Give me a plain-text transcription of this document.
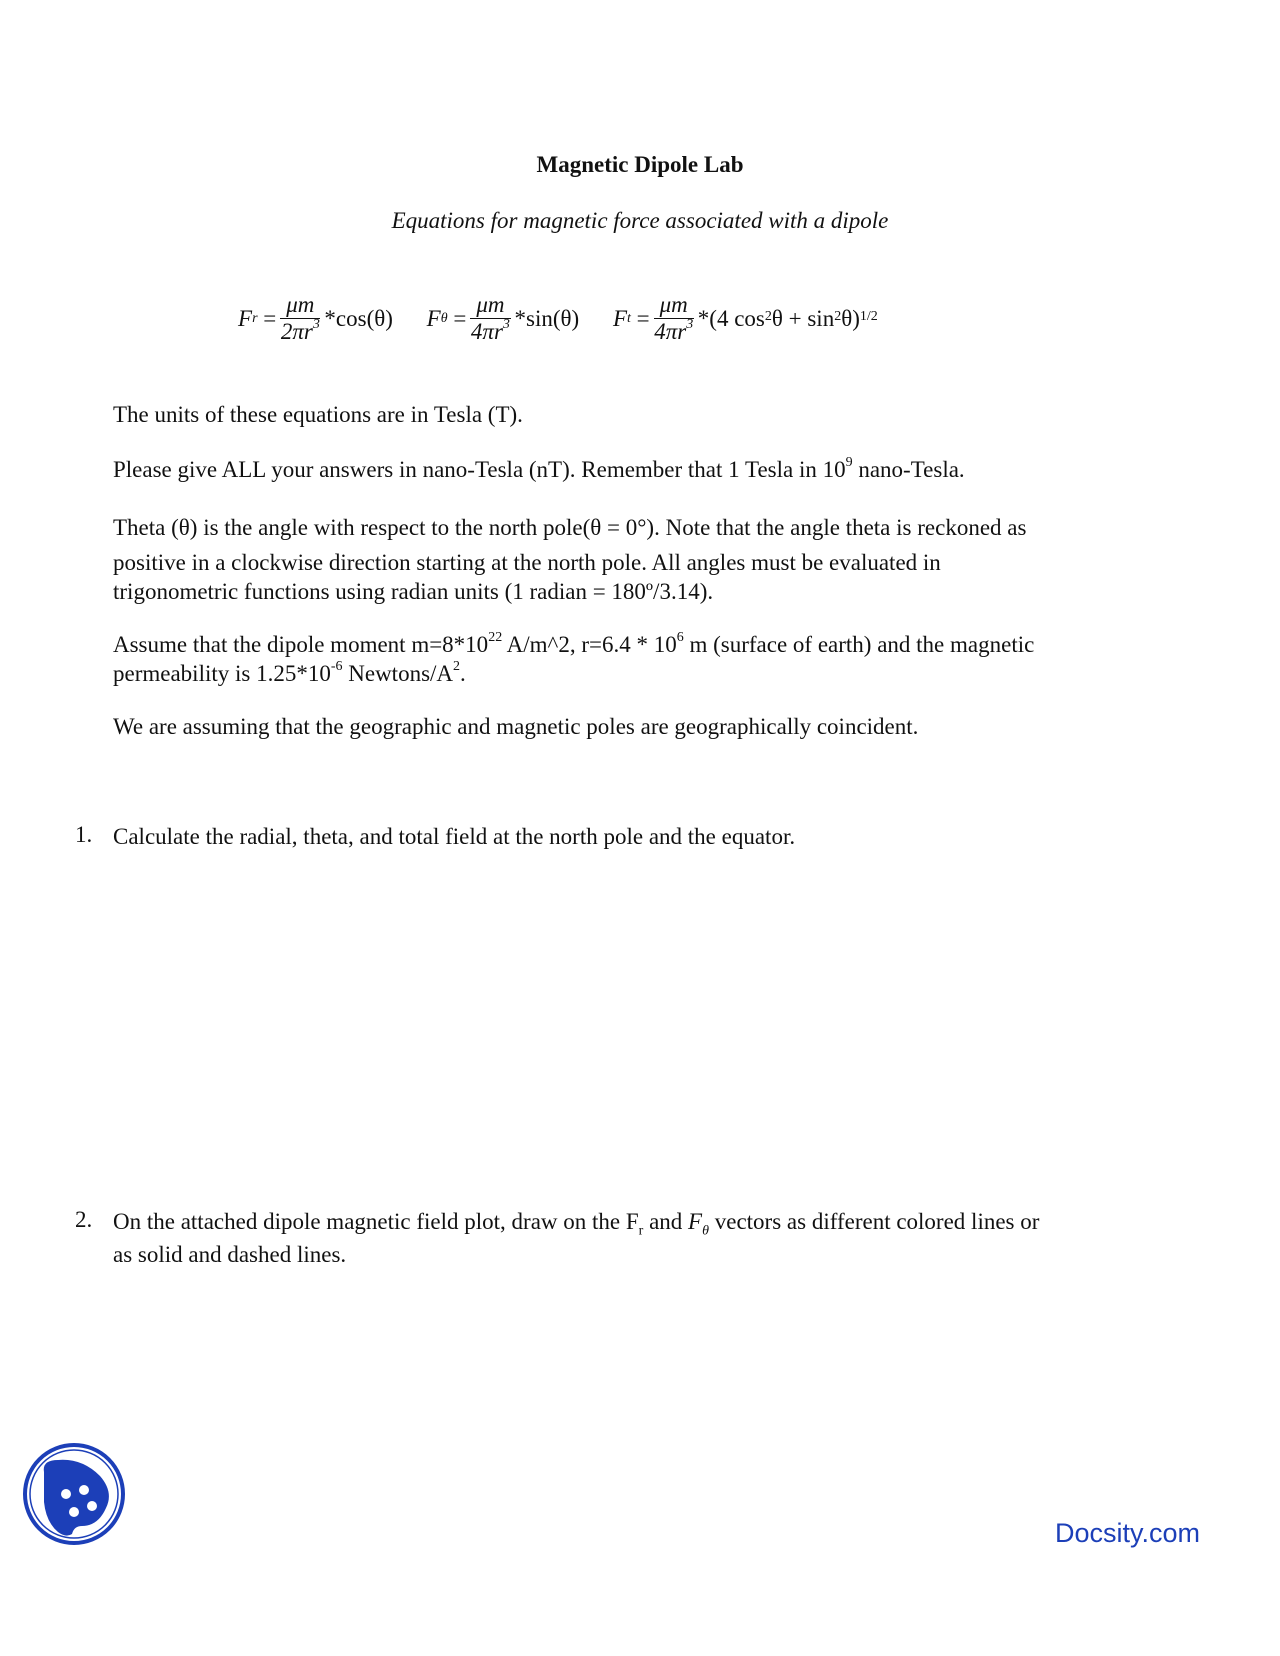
Magnetic Dipole Lab
Equations for magnetic force associated with a dipole
F $r = \frac{\mu m}{2\pi r^3} *\cos(\theta)$
F $\theta = \frac{\mu m}{4\pi r^3} *\sin(\theta)$
F $t = \frac{\mu m}{4\pi r^3} *(4$ $\cos^2 \theta + \sin^2 \theta)^{1/2}$
The units of these equations are in Tesla (T).
Please give ALL your answers in nano-Tesla (nT). Remember that 1 Tesla in $10^9$ nano-Tesla.
Theta (θ) is the angle with respect to the north pole(θ = 0°). Note that the angle theta is reckoned as
positive in a clockwise direction starting at the north pole. All angles must be evaluated in
trigonometric functions using radian units (1 radian = 180º/3.14).
Assume that the dipole moment $m=8*10^{22}$ A/m^2, $r=6.4 * 10^6$ m (surface of earth) and the magnetic
permeability is $1.25*10^{-6}$ Newtons/$A^2$.
We are assuming that the geographic and magnetic poles are geographically coincident.
1. Calculate the radial, theta, and total field at the north pole and the equator.
2. On the attached dipole magnetic field plot, draw on the $F_r$ and $F_\theta$ vectors as different colored lines or
as solid and dashed lines.
Docsity.com
